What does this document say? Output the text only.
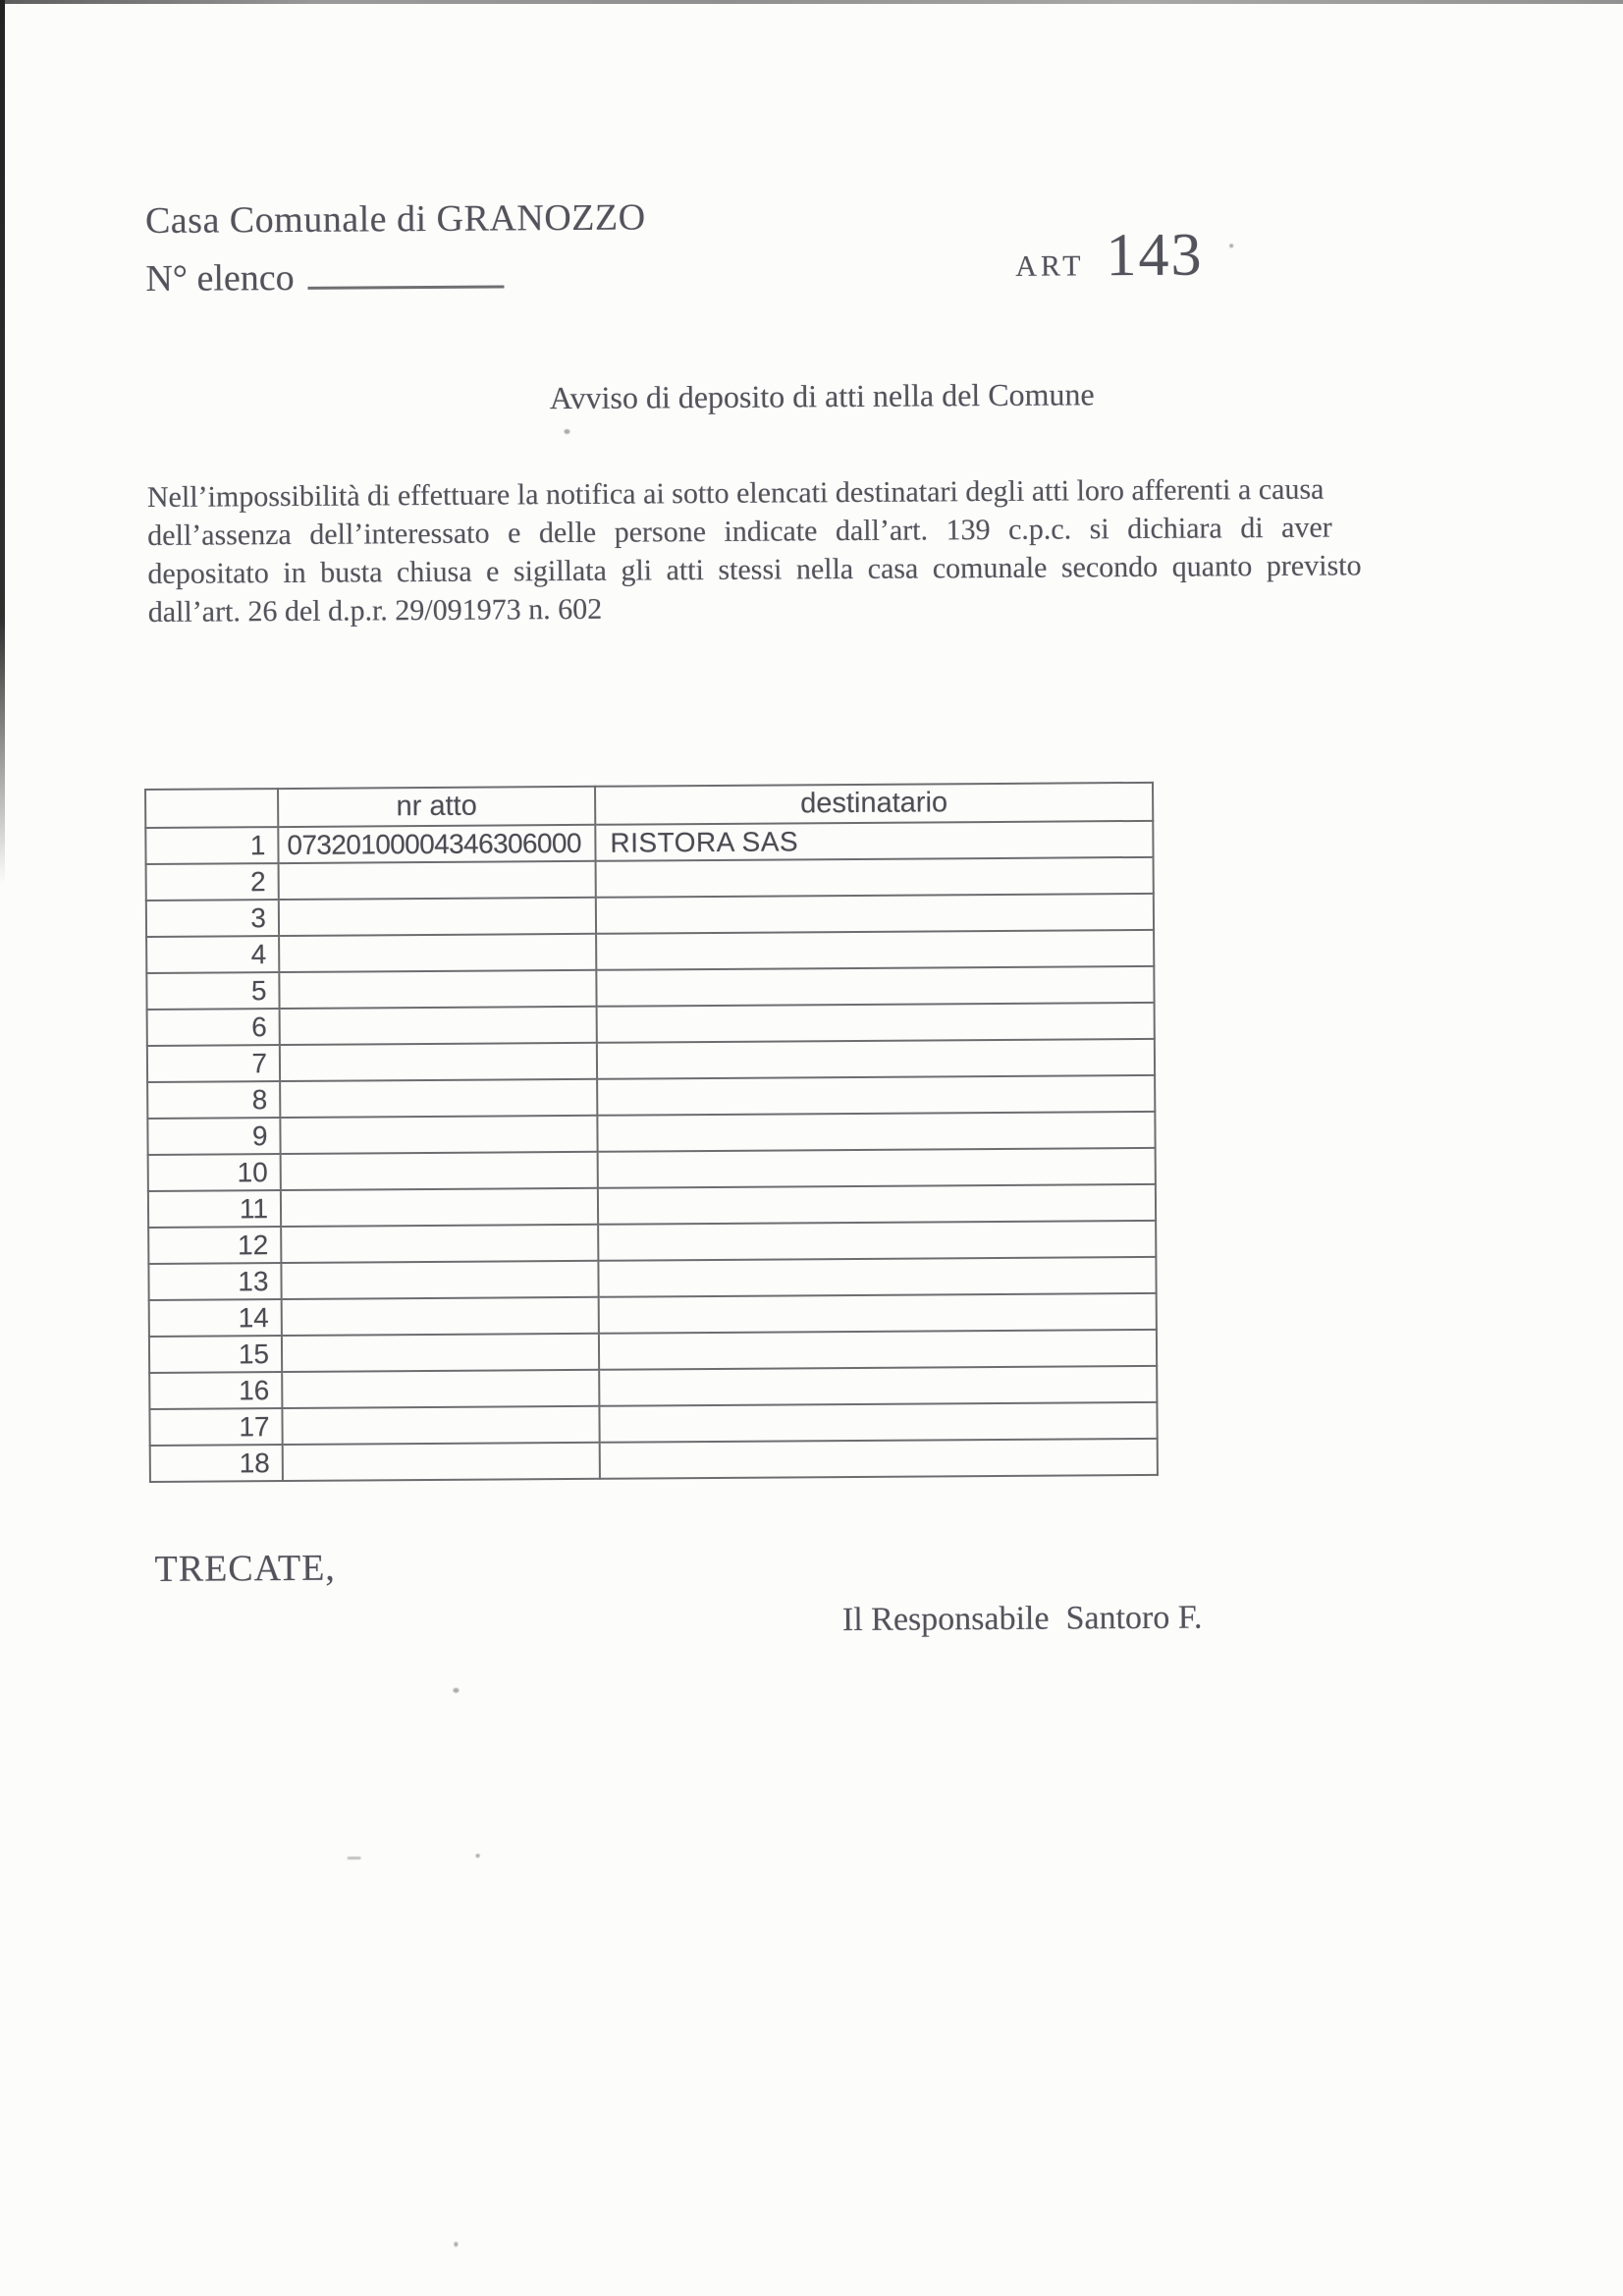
Casa Comunale di GRANOZZO
N° elenco	ART 143
Avviso di deposito di atti nella del Comune
Nell’impossibilità di effettuare la notifica ai sotto elencati destinatari degli atti loro afferenti a causa
dell’assenza dell’interessato e delle persone indicate dall’art. 139 c.p.c. si dichiara di aver
depositato in busta chiusa e sigillata gli atti stessi nella casa comunale secondo quanto previsto
dall’art. 26 del d.p.r. 29/091973 n. 602
	nr atto	destinatario
1	07320100004346306000	RISTORA SAS
2		
3		
4		
5		
6		
7		
8		
9		
10		
11		
12		
13		
14		
15		
16		
17		
18		
TRECATE,
Il Responsabile  Santoro F.
